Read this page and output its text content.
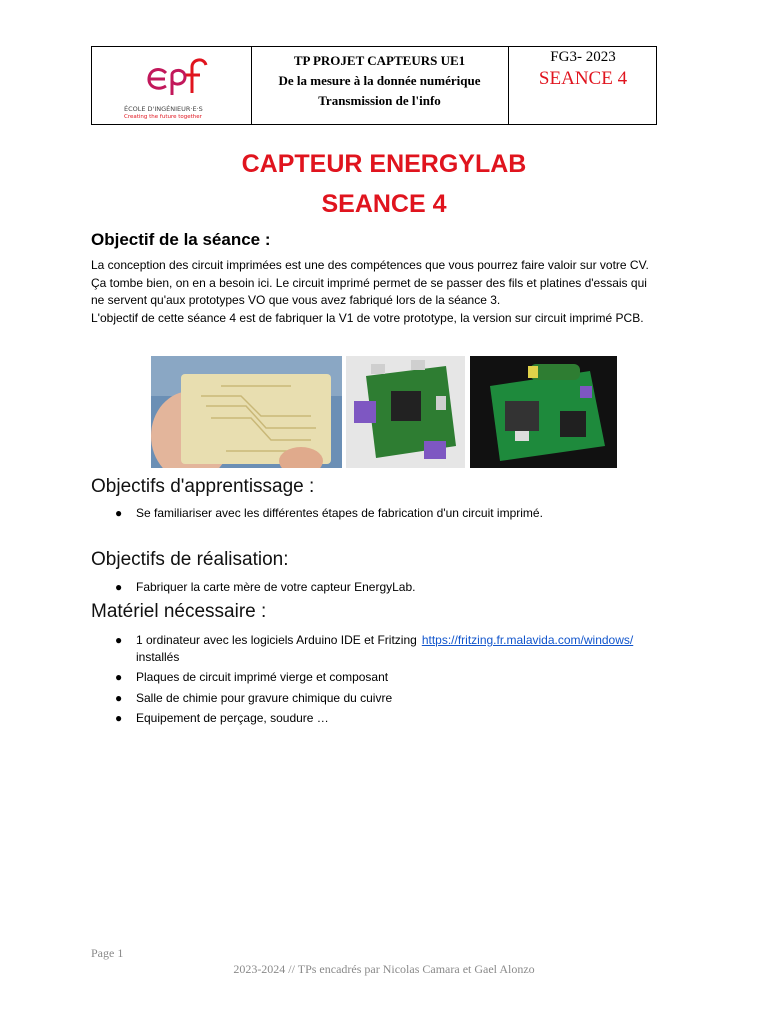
ÉCOLE D'INGÉNIEUR·E·S
Creating the future together
TP PROJET CAPTEURS UE1
De la mesure à la donnée numérique
Transmission de l'info
FG3- 2023
SEANCE 4
CAPTEUR ENERGYLAB
SEANCE 4
Objectif de la séance :
La conception des circuit imprimées est une des compétences que vous pourrez faire valoir sur votre CV.
Ça tombe bien, on en a besoin ici. Le circuit imprimé permet de se passer des fils et platines d'essais qui
ne servent qu'aux prototypes VO que vous avez fabriqué lors de la séance 3.
L'objectif de cette séance 4 est de fabriquer la V1 de votre prototype, la version sur circuit imprimé PCB.
Objectifs d'apprentissage :
● Se familiariser avec les différentes étapes de fabrication d'un circuit imprimé.
Objectifs de réalisation:
● Fabriquer la carte mère de votre capteur EnergyLab.
Matériel nécessaire :
● 1 ordinateur avec les logiciels Arduino IDE et Fritzing https://fritzing.fr.malavida.com/windows/
installés
● Plaques de circuit imprimé vierge et composant
● Salle de chimie pour gravure chimique du cuivre
● Equipement de perçage, soudure …
Page 1
2023-2024 // TPs encadrés par Nicolas Camara et Gael Alonzo
